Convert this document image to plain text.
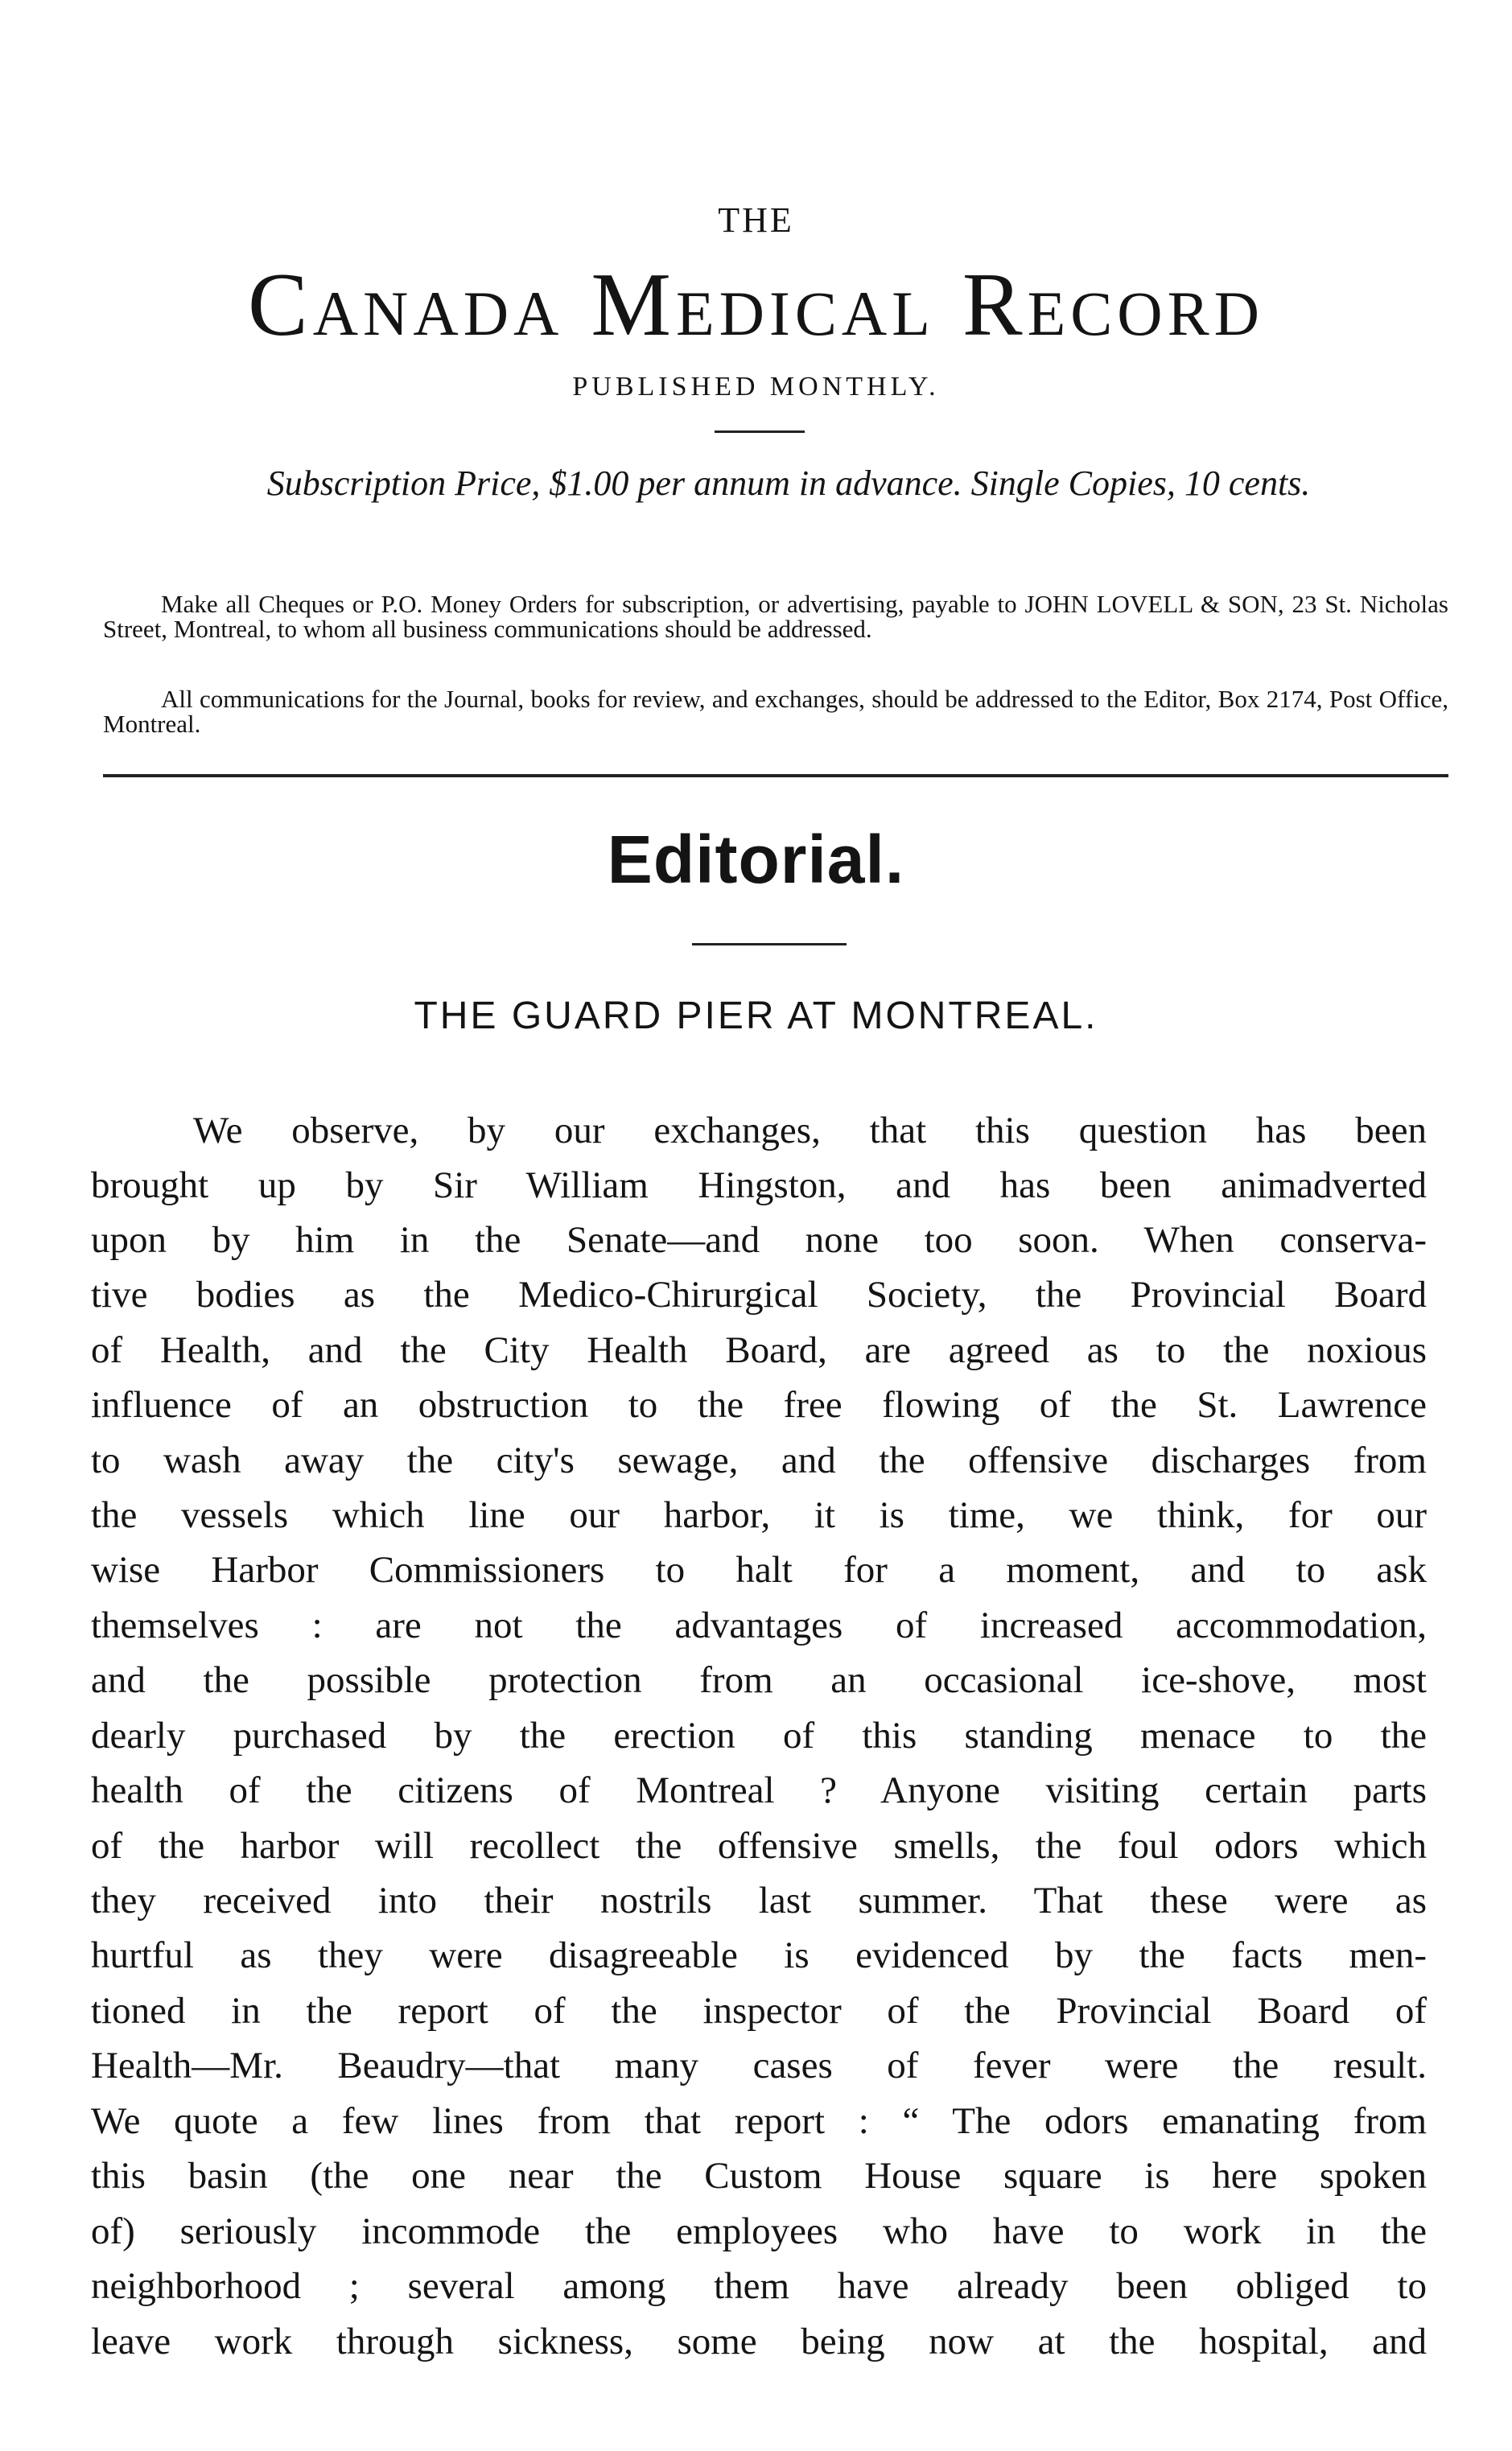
THE
Canada Medical Record
PUBLISHED MONTHLY.
Subscription Price, $1.00 per annum in advance. Single Copies, 10 cents.

Make all Cheques or P.O. Money Orders for subscription, or advertising, payable to JOHN LOVELL & SON, 23 St. Nicholas Street, Montreal, to whom all business communications should be addressed.

All communications for the Journal, books for review, and exchanges, should be addressed to the Editor, Box 2174, Post Office, Montreal.

Editorial.
THE GUARD PIER AT MONTREAL.
We observe, by our exchanges, that this question has been
brought up by Sir William Hingston, and has been animadverted
upon by him in the Senate—and none too soon. When conserva-
tive bodies as the Medico-Chirurgical Society, the Provincial Board
of Health, and the City Health Board, are agreed as to the noxious
influence of an obstruction to the free flowing of the St. Lawrence
to wash away the city's sewage, and the offensive discharges from
the vessels which line our harbor, it is time, we think, for our
wise Harbor Commissioners to halt for a moment, and to ask
themselves : are not the advantages of increased accommodation,
and the possible protection from an occasional ice-shove, most
dearly purchased by the erection of this standing menace to the
health of the citizens of Montreal ? Anyone visiting certain parts
of the harbor will recollect the offensive smells, the foul odors which
they received into their nostrils last summer. That these were as
hurtful as they were disagreeable is evidenced by the facts men-
tioned in the report of the inspector of the Provincial Board of
Health—Mr. Beaudry—that many cases of fever were the result.
We quote a few lines from that report : “ The odors emanating from
this basin (the one near the Custom House square is here spoken
of) seriously incommode the employees who have to work in the
neighborhood ; several among them have already been obliged to
leave work through sickness, some being now at the hospital, and
